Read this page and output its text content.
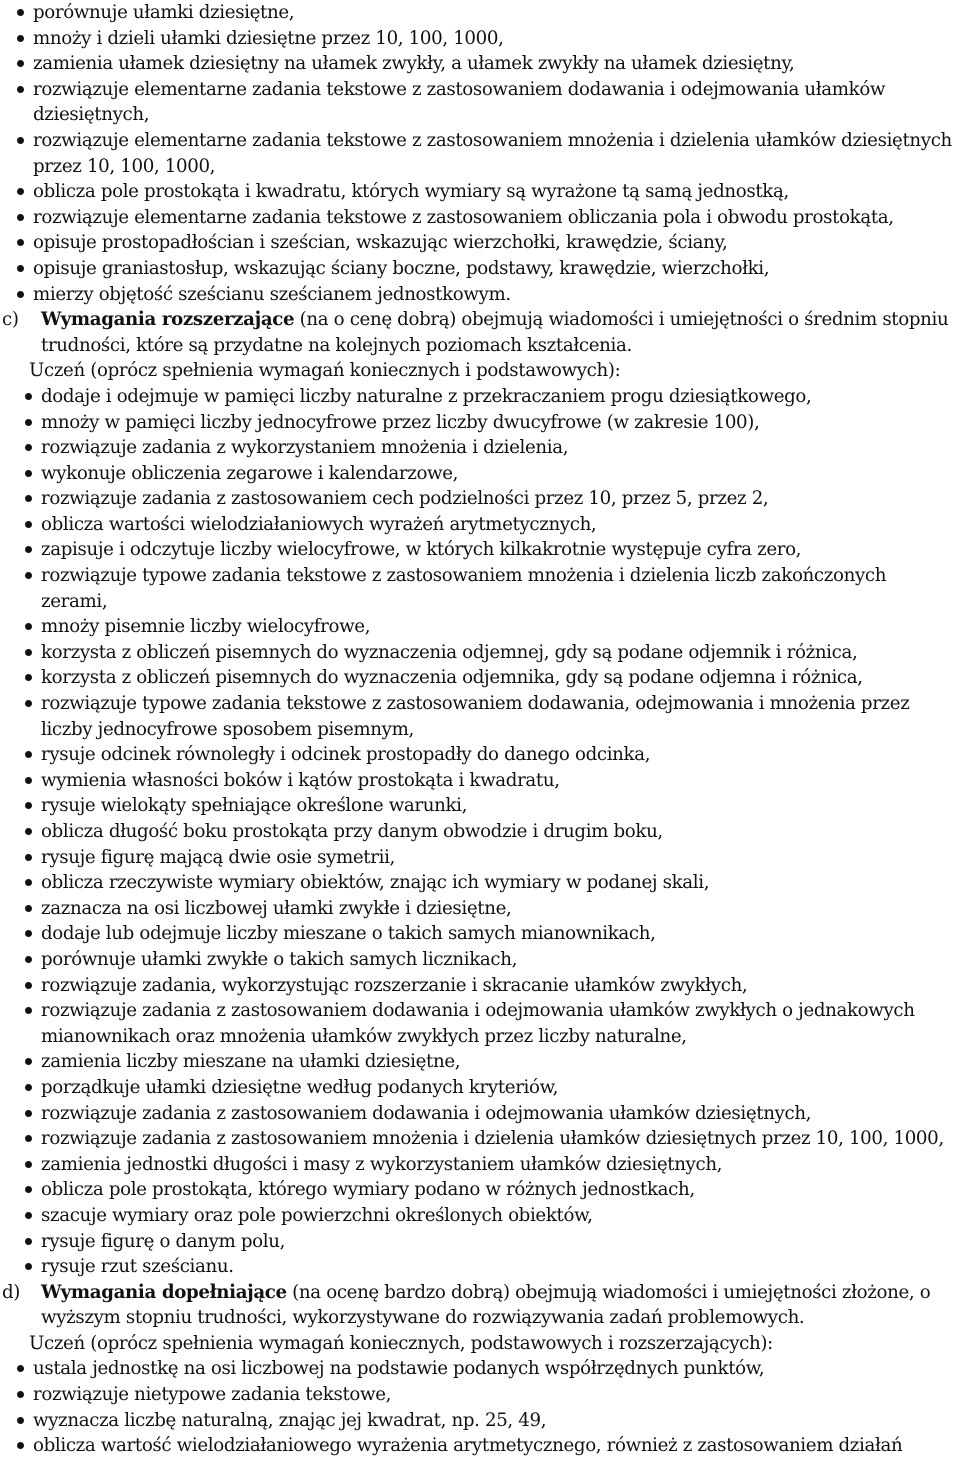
porównuje ułamki dziesiętne,
mnoży i dzieli ułamki dziesiętne przez 10, 100, 1000,
zamienia ułamek dziesiętny na ułamek zwykły, a ułamek zwykły na ułamek dziesiętny,
rozwiązuje elementarne zadania tekstowe z zastosowaniem dodawania i odejmowania ułamków dziesiętnych,
rozwiązuje elementarne zadania tekstowe z zastosowaniem mnożenia i dzielenia ułamków dziesiętnych przez 10, 100, 1000,
oblicza pole prostokąta i kwadratu, których wymiary są wyrażone tą samą jednostką,
rozwiązuje elementarne zadania tekstowe z zastosowaniem obliczania pola i obwodu prostokąta,
opisuje prostopadłościan i sześcian, wskazując wierzchołki, krawędzie, ściany,
opisuje graniastosłup, wskazując ściany boczne, podstawy, krawędzie, wierzchołki,
mierzy objętość sześcianu sześcianem jednostkowym.
c) Wymagania rozszerzające (na o cenę dobrą) obejmują wiadomości i umiejętności o średnim stopniu trudności, które są przydatne na kolejnych poziomach kształcenia.
Uczeń (oprócz spełnienia wymagań koniecznych i podstawowych):
dodaje i odejmuje w pamięci liczby naturalne z przekraczaniem progu dziesiątkowego,
mnoży w pamięci liczby jednocyfrowe przez liczby dwucyfrowe (w zakresie 100),
rozwiązuje zadania z wykorzystaniem mnożenia i dzielenia,
wykonuje obliczenia zegarowe i kalendarzowe,
rozwiązuje zadania z zastosowaniem cech podzielności przez 10, przez 5, przez 2,
oblicza wartości wielodziałaniowych wyrażeń arytmetycznych,
zapisuje i odczytuje liczby wielocyfrowe, w których kilkakrotnie występuje cyfra zero,
rozwiązuje typowe zadania tekstowe z zastosowaniem mnożenia i dzielenia liczb zakończonych zerami,
mnoży pisemnie liczby wielocyfrowe,
korzysta z obliczeń pisemnych do wyznaczenia odjemnej, gdy są podane odjemnik i różnica,
korzysta z obliczeń pisemnych do wyznaczenia odjemnika, gdy są podane odjemna i różnica,
rozwiązuje typowe zadania tekstowe z zastosowaniem dodawania, odejmowania i mnożenia przez liczby jednocyfrowe sposobem pisemnym,
rysuje odcinek równoległy i odcinek prostopadły do danego odcinka,
wymienia własności boków i kątów prostokąta i kwadratu,
rysuje wielokąty spełniające określone warunki,
oblicza długość boku prostokąta przy danym obwodzie i drugim boku,
rysuje figurę mającą dwie osie symetrii,
oblicza rzeczywiste wymiary obiektów, znając ich wymiary w podanej skali,
zaznacza na osi liczbowej ułamki zwykłe i dziesiętne,
dodaje lub odejmuje liczby mieszane o takich samych mianownikach,
porównuje ułamki zwykłe o takich samych licznikach,
rozwiązuje zadania, wykorzystując rozszerzanie i skracanie ułamków zwykłych,
rozwiązuje zadania z zastosowaniem dodawania i odejmowania ułamków zwykłych o jednakowych mianownikach oraz mnożenia ułamków zwykłych przez liczby naturalne,
zamienia liczby mieszane na ułamki dziesiętne,
porządkuje ułamki dziesiętne według podanych kryteriów,
rozwiązuje zadania z zastosowaniem dodawania i odejmowania ułamków dziesiętnych,
rozwiązuje zadania z zastosowaniem mnożenia i dzielenia ułamków dziesiętnych przez 10, 100, 1000,
zamienia jednostki długości i masy z wykorzystaniem ułamków dziesiętnych,
oblicza pole prostokąta, którego wymiary podano w różnych jednostkach,
szacuje wymiary oraz pole powierzchni określonych obiektów,
rysuje figurę o danym polu,
rysuje rzut sześcianu.
d) Wymagania dopełniające (na ocenę bardzo dobrą) obejmują wiadomości i umiejętności złożone, o wyższym stopniu trudności, wykorzystywane do rozwiązywania zadań problemowych.
Uczeń (oprócz spełnienia wymagań koniecznych, podstawowych i rozszerzających):
ustala jednostkę na osi liczbowej na podstawie podanych współrzędnych punktów,
rozwiązuje nietypowe zadania tekstowe,
wyznacza liczbę naturalną, znając jej kwadrat, np. 25, 49,
oblicza wartość wielodziałaniowego wyrażenia arytmetycznego, również z zastosowaniem działań
